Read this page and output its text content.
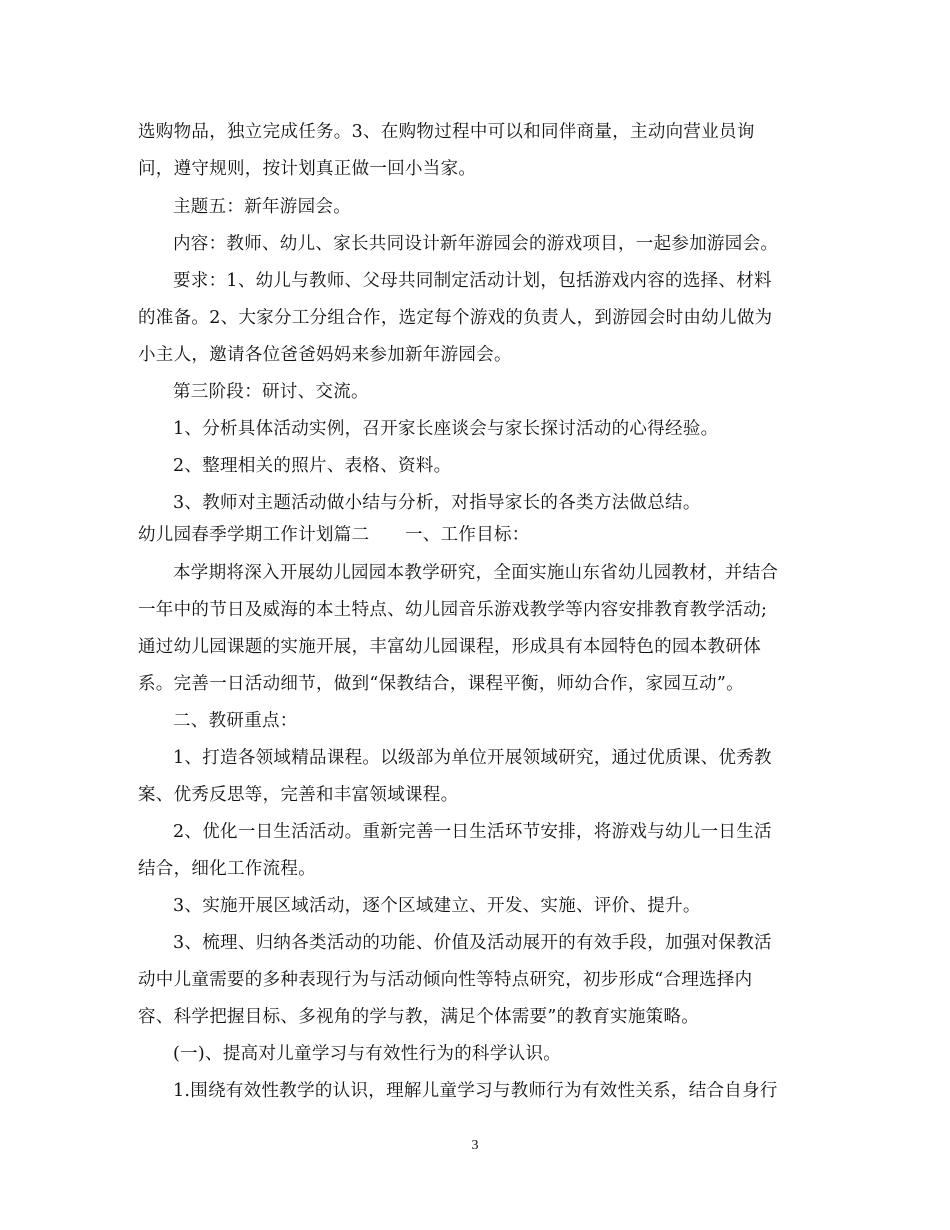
选购物品，独立完成任务。3、在购物过程中可以和同伴商量，主动向营业员询
问，遵守规则，按计划真正做一回小当家。
主题五：新年游园会。
内容：教师、幼儿、家长共同设计新年游园会的游戏项目，一起参加游园会。
要求：1、幼儿与教师、父母共同制定活动计划，包括游戏内容的选择、材料
的准备。2、大家分工分组合作，选定每个游戏的负责人，到游园会时由幼儿做为
小主人，邀请各位爸爸妈妈来参加新年游园会。
第三阶段：研讨、交流。
1、分析具体活动实例，召开家长座谈会与家长探讨活动的心得经验。
2、整理相关的照片、表格、资料。
3、教师对主题活动做小结与分析，对指导家长的各类方法做总结。
幼儿园春季学期工作计划篇二　　一、工作目标：
本学期将深入开展幼儿园园本教学研究，全面实施山东省幼儿园教材，并结合
一年中的节日及威海的本土特点、幼儿园音乐游戏教学等内容安排教育教学活动;
通过幼儿园课题的实施开展，丰富幼儿园课程，形成具有本园特色的园本教研体
系。完善一日活动细节，做到“保教结合，课程平衡，师幼合作，家园互动”。
二、教研重点：
1、打造各领域精品课程。以级部为单位开展领域研究，通过优质课、优秀教
案、优秀反思等，完善和丰富领域课程。
2、优化一日生活活动。重新完善一日生活环节安排，将游戏与幼儿一日生活
结合，细化工作流程。
3、实施开展区域活动，逐个区域建立、开发、实施、评价、提升。
3、梳理、归纳各类活动的功能、价值及活动展开的有效手段，加强对保教活
动中儿童需要的多种表现行为与活动倾向性等特点研究，初步形成“合理选择内
容、科学把握目标、多视角的学与教，满足个体需要”的教育实施策略。
(一)、提高对儿童学习与有效性行为的科学认识。
1.围绕有效性教学的认识，理解儿童学习与教师行为有效性关系，结合自身行
3
